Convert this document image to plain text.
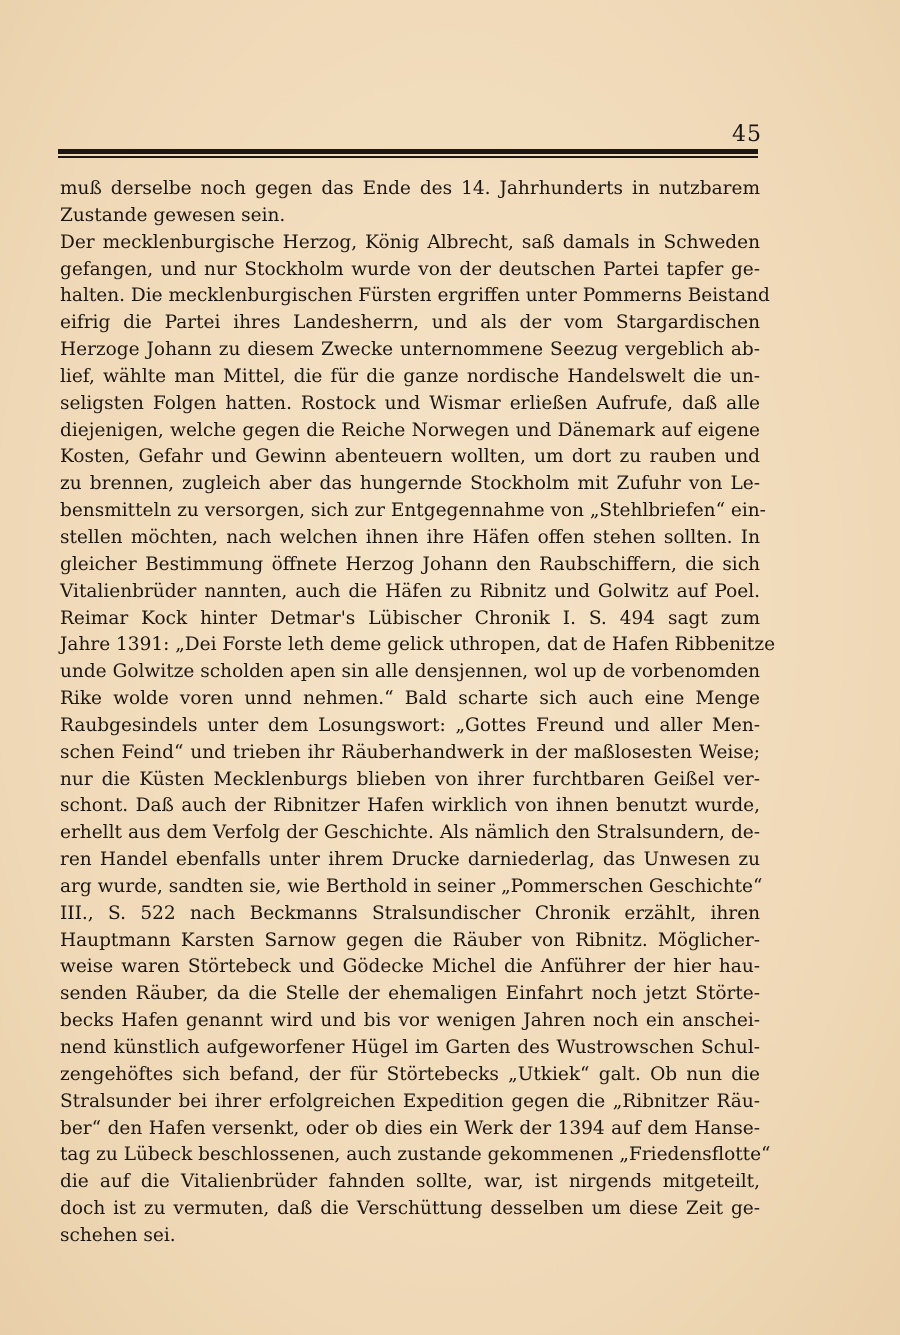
45
muß derselbe noch gegen das Ende des 14. Jahrhunderts in nutzbarem
Zustande gewesen sein.
Der mecklenburgische Herzog, König Albrecht, saß damals in Schweden
gefangen, und nur Stockholm wurde von der deutschen Partei tapfer ge-
halten. Die mecklenburgischen Fürsten ergriffen unter Pommerns Beistand
eifrig die Partei ihres Landesherrn, und als der vom Stargardischen
Herzoge Johann zu diesem Zwecke unternommene Seezug vergeblich ab-
lief, wählte man Mittel, die für die ganze nordische Handelswelt die un-
seligsten Folgen hatten. Rostock und Wismar erließen Aufrufe, daß alle
diejenigen, welche gegen die Reiche Norwegen und Dänemark auf eigene
Kosten, Gefahr und Gewinn abenteuern wollten, um dort zu rauben und
zu brennen, zugleich aber das hungernde Stockholm mit Zufuhr von Le-
bensmitteln zu versorgen, sich zur Entgegennahme von „Stehlbriefen“ ein-
stellen möchten, nach welchen ihnen ihre Häfen offen stehen sollten. In
gleicher Bestimmung öffnete Herzog Johann den Raubschiffern, die sich
Vitalienbrüder nannten, auch die Häfen zu Ribnitz und Golwitz auf Poel.
Reimar Kock hinter Detmar's Lübischer Chronik I. S. 494 sagt zum
Jahre 1391: „Dei Forste leth deme gelick uthropen, dat de Hafen Ribbenitze
unde Golwitze scholden apen sin alle densjennen, wol up de vorbenomden
Rike wolde voren unnd nehmen.“ Bald scharte sich auch eine Menge
Raubgesindels unter dem Losungswort: „Gottes Freund und aller Men-
schen Feind“ und trieben ihr Räuberhandwerk in der maßlosesten Weise;
nur die Küsten Mecklenburgs blieben von ihrer furchtbaren Geißel ver-
schont. Daß auch der Ribnitzer Hafen wirklich von ihnen benutzt wurde,
erhellt aus dem Verfolg der Geschichte. Als nämlich den Stralsundern, de-
ren Handel ebenfalls unter ihrem Drucke darniederlag, das Unwesen zu
arg wurde, sandten sie, wie Berthold in seiner „Pommerschen Geschichte“
III., S. 522 nach Beckmanns Stralsundischer Chronik erzählt, ihren
Hauptmann Karsten Sarnow gegen die Räuber von Ribnitz. Möglicher-
weise waren Störtebeck und Gödecke Michel die Anführer der hier hau-
senden Räuber, da die Stelle der ehemaligen Einfahrt noch jetzt Störte-
becks Hafen genannt wird und bis vor wenigen Jahren noch ein anschei-
nend künstlich aufgeworfener Hügel im Garten des Wustrowschen Schul-
zengehöftes sich befand, der für Störtebecks „Utkiek“ galt. Ob nun die
Stralsunder bei ihrer erfolgreichen Expedition gegen die „Ribnitzer Räu-
ber“ den Hafen versenkt, oder ob dies ein Werk der 1394 auf dem Hanse-
tag zu Lübeck beschlossenen, auch zustande gekommenen „Friedensflotte“
die auf die Vitalienbrüder fahnden sollte, war, ist nirgends mitgeteilt,
doch ist zu vermuten, daß die Verschüttung desselben um diese Zeit ge-
schehen sei.
